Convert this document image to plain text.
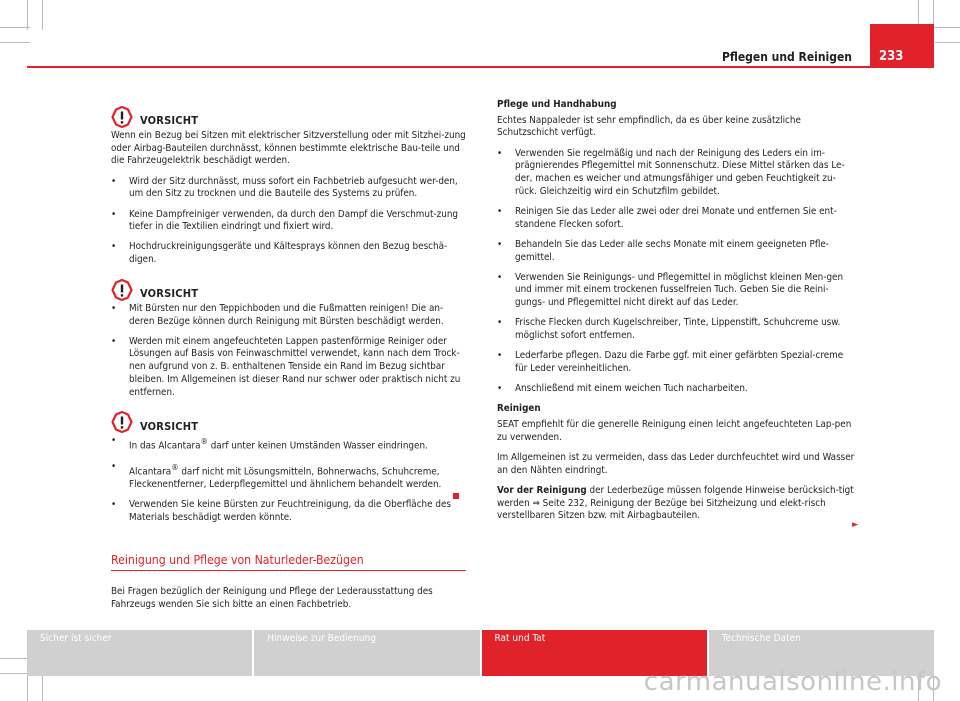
Pflegen und Reinigen	233
VORSICHT

Wenn ein Bezug bei Sitzen mit elektrischer Sitzverstellung oder mit Sitzhei-zung oder Airbag-Bauteilen durchnässt, können bestimmte elektrische Bau-teile und die Fahrzeugelektrik beschädigt werden.

• Wird der Sitz durchnässt, muss sofort ein Fachbetrieb aufgesucht wer-den, um den Sitz zu trocknen und die Bauteile des Systems zu prüfen.
• Keine Dampfreiniger verwenden, da durch den Dampf die Verschmut-zung tiefer in die Textilien eindringt und fixiert wird.
• Hochdruckreinigungsgeräte und Kältesprays können den Bezug beschä-digen.
VORSICHT
• Mit Bürsten nur den Teppichboden und die Fußmatten reinigen! Die an-deren Bezüge können durch Reinigung mit Bürsten beschädigt werden.
• Werden mit einem angefeuchteten Lappen pastenförmige Reiniger oder Lösungen auf Basis von Feinwaschmittel verwendet, kann nach dem Trock-nen aufgrund von z. B. enthaltenen Tenside ein Rand im Bezug sichtbar bleiben. Im Allgemeinen ist dieser Rand nur schwer oder praktisch nicht zu entfernen.
VORSICHT
• In das Alcantara® darf unter keinen Umständen Wasser eindringen.
• Alcantara® darf nicht mit Lösungsmitteln, Bohnerwachs, Schuhcreme, Fleckenentferner, Lederpflegemittel und ähnlichem behandelt werden.
• Verwenden Sie keine Bürsten zur Feuchtreinigung, da die Oberfläche des Materials beschädigt werden könnte.
Reinigung und Pflege von Naturleder-Bezügen

Bei Fragen bezüglich der Reinigung und Pflege der Lederausstattung des Fahrzeugs wenden Sie sich bitte an einen Fachbetrieb.

Pflege und Handhabung

Echtes Nappaleder ist sehr empfindlich, da es über keine zusätzliche Schutzschicht verfügt.

• Verwenden Sie regelmäßig und nach der Reinigung des Leders ein im-prägnierendes Pflegemittel mit Sonnenschutz. Diese Mittel stärken das Le-der, machen es weicher und atmungsfähiger und geben Feuchtigkeit zu-rück. Gleichzeitig wird ein Schutzfilm gebildet.
• Reinigen Sie das Leder alle zwei oder drei Monate und entfernen Sie ent-standene Flecken sofort.
• Behandeln Sie das Leder alle sechs Monate mit einem geeigneten Pfle-gemittel.
• Verwenden Sie Reinigungs- und Pflegemittel in möglichst kleinen Men-gen und immer mit einem trockenen fusselfreien Tuch. Geben Sie die Reini-gungs- und Pflegemittel nicht direkt auf das Leder.
• Frische Flecken durch Kugelschreiber, Tinte, Lippenstift, Schuhcreme usw. möglichst sofort entfernen.
• Lederfarbe pflegen. Dazu die Farbe ggf. mit einer gefärbten Spezial-creme für Leder vereinheitlichen.
• Anschließend mit einem weichen Tuch nacharbeiten.
Reinigen

SEAT empfiehlt für die generelle Reinigung einen leicht angefeuchteten Lap-pen zu verwenden.

Im Allgemeinen ist zu vermeiden, dass das Leder durchfeuchtet wird und Wasser an den Nähten eindringt.

Vor der Reinigung der Lederbezüge müssen folgende Hinweise berücksich-tigt werden ⇒ Seite 232, Reinigung der Bezüge bei Sitzheizung und elekt-risch verstellbaren Sitzen bzw. mit Airbagbauteilen.

►
Sicher ist sicher	Hinweise zur Bedienung	Rat und Tat	Technische Daten
carmanualsonline.info
